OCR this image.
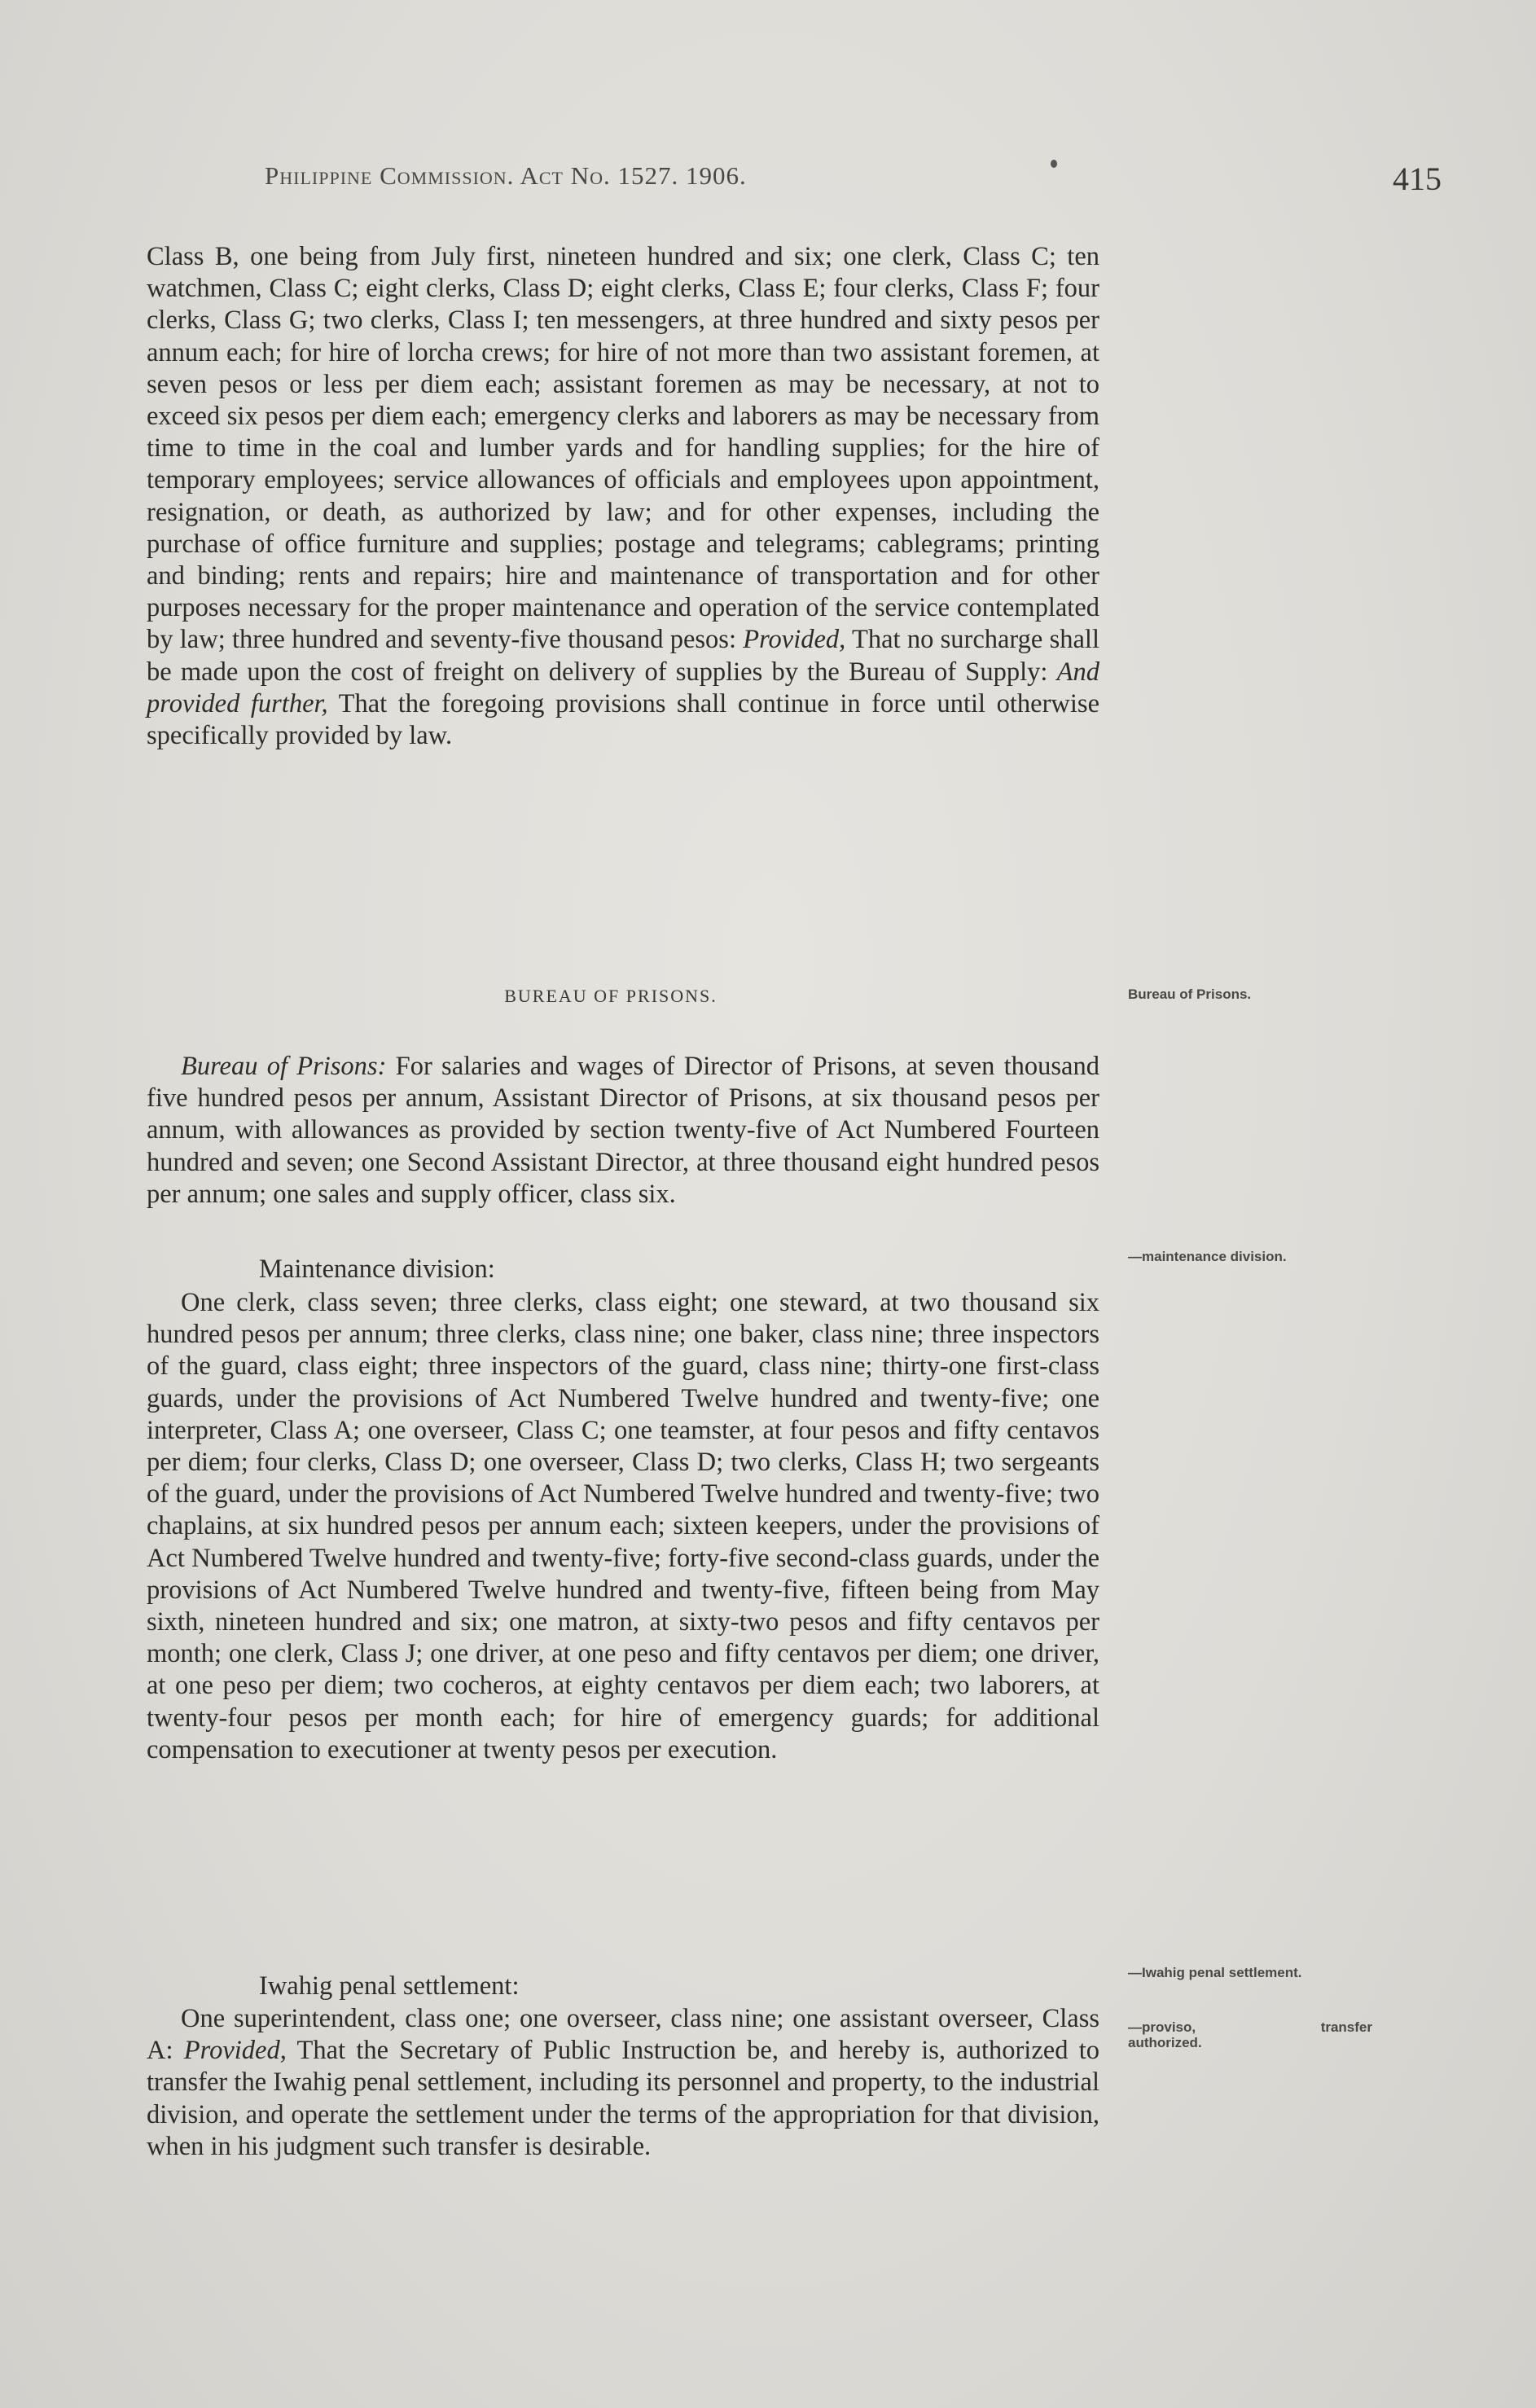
Philippine Commission. Act No. 1527. 1906.	415
Class B, one being from July first, nineteen hundred and six; one clerk, Class C; ten watchmen, Class C; eight clerks, Class D; eight clerks, Class E; four clerks, Class F; four clerks, Class G; two clerks, Class I; ten messengers, at three hundred and sixty pesos per annum each; for hire of lorcha crews; for hire of not more than two assistant foremen, at seven pesos or less per diem each; assistant foremen as may be necessary, at not to exceed six pesos per diem each; emergency clerks and laborers as may be necessary from time to time in the coal and lumber yards and for handling supplies; for the hire of temporary employees; service allowances of officials and employees upon appointment, resignation, or death, as authorized by law; and for other expenses, including the purchase of office furniture and supplies; postage and telegrams; cablegrams; printing and binding; rents and repairs; hire and maintenance of transportation and for other purposes necessary for the proper maintenance and operation of the service contemplated by law; three hundred and seventy-five thousand pesos: Provided, That no surcharge shall be made upon the cost of freight on delivery of supplies by the Bureau of Supply: And provided further, That the foregoing provisions shall continue in force until otherwise specifically provided by law.
BUREAU OF PRISONS.	Bureau of Prisons.
Bureau of Prisons: For salaries and wages of Director of Prisons, at seven thousand five hundred pesos per annum, Assistant Director of Prisons, at six thousand pesos per annum, with allowances as provided by section twenty-five of Act Numbered Fourteen hundred and seven; one Second Assistant Director, at three thousand eight hundred pesos per annum; one sales and supply officer, class six.
Maintenance division:	—maintenance division.
One clerk, class seven; three clerks, class eight; one steward, at two thousand six hundred pesos per annum; three clerks, class nine; one baker, class nine; three inspectors of the guard, class eight; three inspectors of the guard, class nine; thirty-one first-class guards, under the provisions of Act Numbered Twelve hundred and twenty-five; one interpreter, Class A; one overseer, Class C; one teamster, at four pesos and fifty centavos per diem; four clerks, Class D; one overseer, Class D; two clerks, Class H; two sergeants of the guard, under the provisions of Act Numbered Twelve hundred and twenty-five; two chaplains, at six hundred pesos per annum each; sixteen keepers, under the provisions of Act Numbered Twelve hundred and twenty-five; forty-five second-class guards, under the provisions of Act Numbered Twelve hundred and twenty-five, fifteen being from May sixth, nineteen hundred and six; one matron, at sixty-two pesos and fifty centavos per month; one clerk, Class J; one driver, at one peso and fifty centavos per diem; one driver, at one peso per diem; two cocheros, at eighty centavos per diem each; two laborers, at twenty-four pesos per month each; for hire of emergency guards; for additional compensation to executioner at twenty pesos per execution.
Iwahig penal settlement:	—Iwahig penal settlement.
—proviso,	transfer

authorized.
One superintendent, class one; one overseer, class nine; one assistant overseer, Class A: Provided, That the Secretary of Public Instruction be, and hereby is, authorized to transfer the Iwahig penal settlement, including its personnel and property, to the industrial division, and operate the settlement under the terms of the appropriation for that division, when in his judgment such transfer is desirable.
